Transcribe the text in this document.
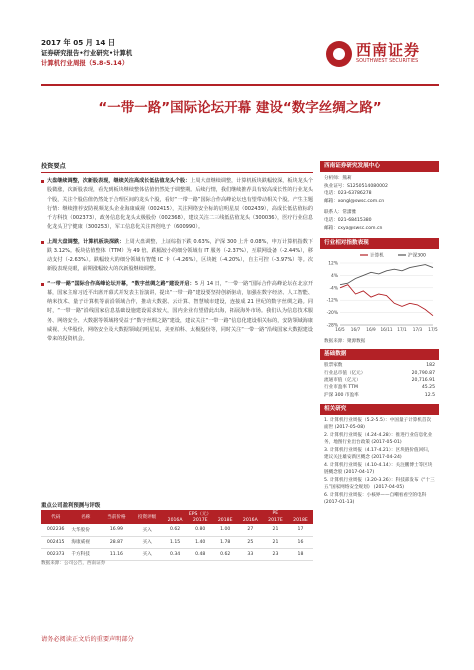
2017 年 05 月 14 日
证券研究报告•行业研究•计算机
计算机行业周报（5.8-5.14）
西南证券
SOUTHWEST SECURITIES
“一带一路”国际论坛开幕 建设“数字丝绸之路”
投资要点
大盘继续调整，次新股表现，继续关注高成长低估值龙头个股：上周大盘继续调整，计算机板块跌幅较深，板块龙头个股微涨，次新股表现，看先到板块继续整体估值仍然处于调整期。后续行情，我们继续推荐具有较高成长性的行业龙头个股，关注个股估值仍然处于合理区间的龙头个股，看好“一带一路”国际合作高峰论坛也有望带动相关个股。产生主题行情：继续推荐安防视频龙头企业海康威视（002415），关注网络安全标的启明星辰（002439），高成长低估值标的千方科技（002373），政务信息化龙头太极股份（002368），建议关注二三线低估值龙头（300036），医疗行业信息化龙头卫宁健康（300253），军工信息化关注四创电子（600990）。
上周大盘调整，计算机板块深跌：上周大盘调整，上证综指下跌 0.63%，沪深 300 上升 0.08%，申万计算机指数下跌 3.12%。板块估值整体（TTM）为 49 倍。跌幅较小的细分领域有 IT 服务（-2.37%），互联网设备（-2.44%），移动支付（-2.63%）。跌幅较大的细分领域有智能 IC 卡（-4.26%），区块链（-4.20%），自主可控（-3.97%）等。次新股表现亮眼，前期涨幅较大的次新股继续调整。
“一带一路”国际合作高峰论坛开幕，“数字丝绸之路”建设开启：5 月 14 日，“一带一路”国际合作高峰论坛在北京开幕，国家主席习近平出席开幕式并发表主旨演讲，提出“一带一路”建设要坚持创新驱动，加强在数字经济、人工智能、纳米技术、量子计算机等前沿领域合作，推动大数据、云计算、智慧城市建设，连接成 21 世纪的数字丝绸之路。同时，“一带一路”沿线国家信息基础设施建设需求较大，国内企业有望借此出海，拓展海外市场。我们认为信息技术服务、网络安全、大数据等领域将受益于“数字丝绸之路”建设，建议关注“一带一路”信息化建设相关标的，安防领域海康威视、大华股份，网络安全及大数据领域启明星辰、美亚柏科、太极股份等，同时关注“一带一路”沿线国家大数据建设带来的投资机会。
重点公司盈利预测与评级
代码	名称	当前价格	投资评级	EPS（元）			PE		
				2016A	2017E	2018E	2016A	2017E	2018E
002236	大华股份	16.99	买入	0.62	0.80	1.00	27	21	17
002415	海康威视	28.87	买入	1.15	1.40	1.78	25	21	16
002373	千方科技	11.16	买入	0.34	0.48	0.62	33	23	18
数据来源：公司公告，西南证券
西南证券研究发展中心
分析师：熊莉
执业证号：S1250514080002
电话：023-63786278
邮箱：xongl@swsc.com.cn
联系人：常潇雅
电话：021-68415380
邮箱：cxya@swsc.com.cn
行业相对指数表现
12%
4%
-4%
-12%
-20%
-28%
16/5 16/7 16/9 16/11 17/1 17/3 17/5
计算机	沪深300
数据来源：聚源数据
基础数据
股票家数	182
行业总市值（亿元）	20,790.87
流通市值（亿元）	20,716.91
行业市盈率 TTM	45.25
沪深 300 市盈率	12.5
相关研究
1. 计算机行业周报（5.2-5.5）：中国量子计算机首次面世 (2017-05-08)
2. 计算机行业周报（4.24-4.28）：推进行业信息化业务，地图行业出台政策 (2017-05-01)
3. 计算机行业周报（4.17-4.21）：区块链价值回归，建议关注雄安新区概念 (2017-04-24)
4. 计算机行业周报（4.10-4.14）：关注鹏博士等区块链概念股 (2017-04-17)
5. 计算机行业周报（3.20-3.26）：科技部发布《“十三五”国家网络安全规划》 (2017-04-05)
6. 计算机行业周报：小核界——自嘲看看空的电科 (2017-01-13)
请务必阅读正文后的重要声明部分
